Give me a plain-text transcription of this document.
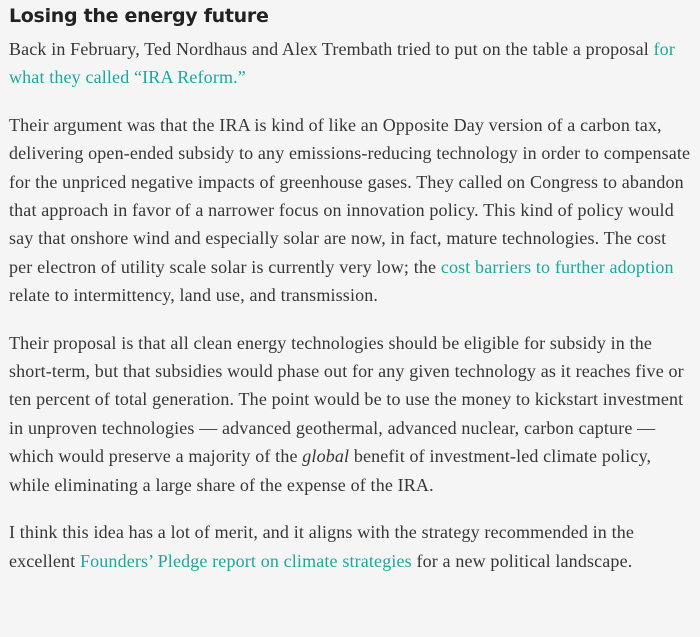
Losing the energy future

Back in February, Ted Nordhaus and Alex Trembath tried to put on the table a proposal for what they called “IRA Reform.”

Their argument was that the IRA is kind of like an Opposite Day version of a carbon tax, delivering open-ended subsidy to any emissions-reducing technology in order to compensate for the unpriced negative impacts of greenhouse gases. They called on Congress to abandon that approach in favor of a narrower focus on innovation policy. This kind of policy would say that onshore wind and especially solar are now, in fact, mature technologies. The cost per electron of utility scale solar is currently very low; the cost barriers to further adoption relate to intermittency, land use, and transmission.

Their proposal is that all clean energy technologies should be eligible for subsidy in the short-term, but that subsidies would phase out for any given technology as it reaches five or ten percent of total generation. The point would be to use the money to kickstart investment in unproven technologies — advanced geothermal, advanced nuclear, carbon capture — which would preserve a majority of the global benefit of investment-led climate policy, while eliminating a large share of the expense of the IRA.

I think this idea has a lot of merit, and it aligns with the strategy recommended in the excellent Founders’ Pledge report on climate strategies for a new political landscape.
